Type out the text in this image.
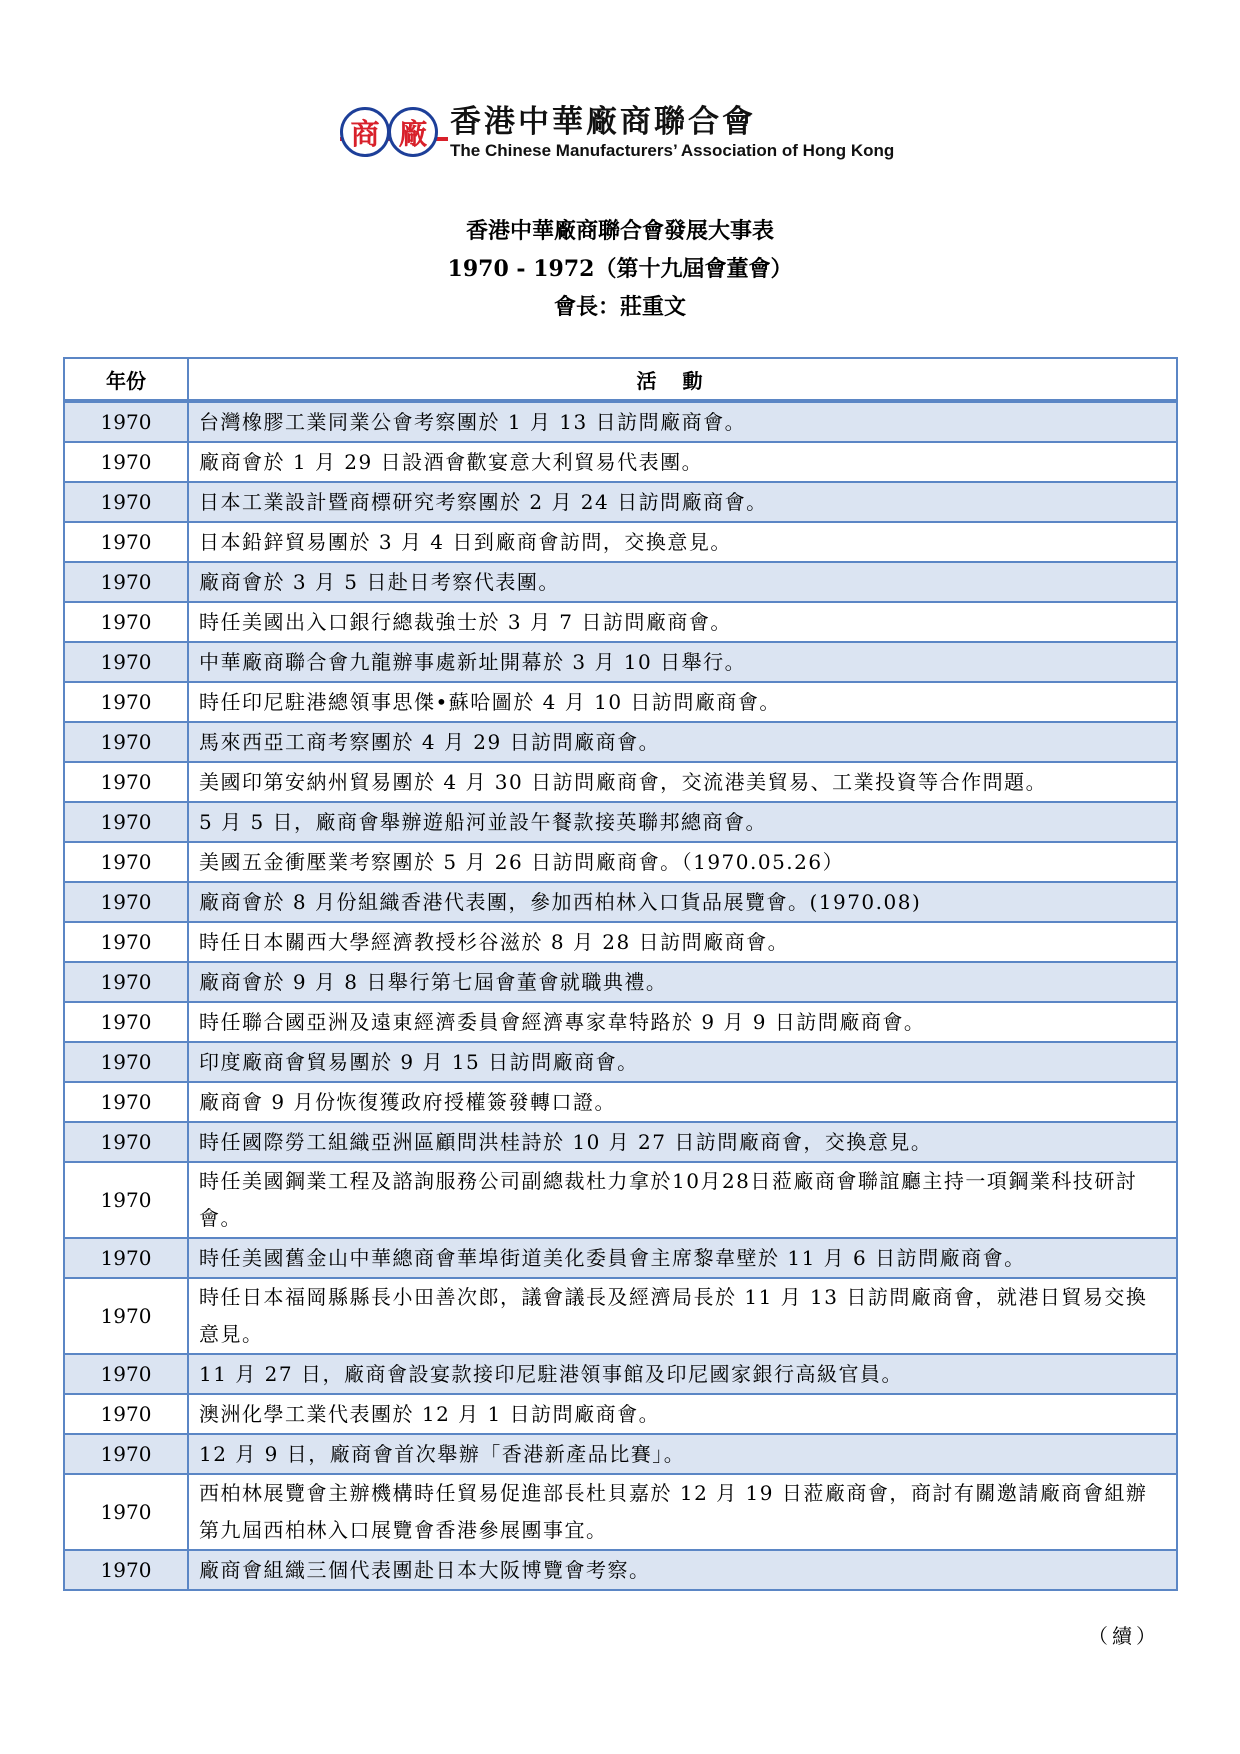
商 廠 香港中華廠商聯合會
The Chinese Manufacturers’ Association of Hong Kong
香港中華廠商聯合會發展大事表
1970 - 1972（第十九屆會董會）
會長：莊重文
年份	活動
1970	台灣橡膠工業同業公會考察團於 1 月 13 日訪問廠商會。
1970	廠商會於 1 月 29 日設酒會歡宴意大利貿易代表團。
1970	日本工業設計暨商標研究考察團於 2 月 24 日訪問廠商會。
1970	日本鉛鋅貿易團於 3 月 4 日到廠商會訪問，交換意見。
1970	廠商會於 3 月 5 日赴日考察代表團。
1970	時任美國出入口銀行總裁強士於 3 月 7 日訪問廠商會。
1970	中華廠商聯合會九龍辦事處新址開幕於 3 月 10 日舉行。
1970	時任印尼駐港總領事思傑•蘇哈圖於 4 月 10 日訪問廠商會。
1970	馬來西亞工商考察團於 4 月 29 日訪問廠商會。
1970	美國印第安納州貿易團於 4 月 30 日訪問廠商會，交流港美貿易、工業投資等合作問題。
1970	5 月 5 日，廠商會舉辦遊船河並設午餐款接英聯邦總商會。
1970	美國五金衝壓業考察團於 5 月 26 日訪問廠商會。（1970.05.26）
1970	廠商會於 8 月份組織香港代表團，參加西柏林入口貨品展覽會。(1970.08)
1970	時任日本關西大學經濟教授杉谷滋於 8 月 28 日訪問廠商會。
1970	廠商會於 9 月 8 日舉行第七屆會董會就職典禮。
1970	時任聯合國亞洲及遠東經濟委員會經濟專家韋特路於 9 月 9 日訪問廠商會。
1970	印度廠商會貿易團於 9 月 15 日訪問廠商會。
1970	廠商會 9 月份恢復獲政府授權簽發轉口證。
1970	時任國際勞工組織亞洲區顧問洪桂詩於 10 月 27 日訪問廠商會，交換意見。
1970	時任美國鋼業工程及諮詢服務公司副總裁杜力拿於10月28日蒞廠商會聯誼廳主持一項鋼業科技研討會。
1970	時任美國舊金山中華總商會華埠街道美化委員會主席黎韋壁於 11 月 6 日訪問廠商會。
1970	時任日本福岡縣縣長小田善次郎，議會議長及經濟局長於 11 月 13 日訪問廠商會，就港日貿易交換意見。
1970	11 月 27 日，廠商會設宴款接印尼駐港領事館及印尼國家銀行高級官員。
1970	澳洲化學工業代表團於 12 月 1 日訪問廠商會。
1970	12 月 9 日，廠商會首次舉辦「香港新產品比賽」。
1970	西柏林展覽會主辦機構時任貿易促進部長杜貝嘉於 12 月 19 日蒞廠商會，商討有關邀請廠商會組辦第九屆西柏林入口展覽會香港參展團事宜。
1970	廠商會組織三個代表團赴日本大阪博覽會考察。
（續）
